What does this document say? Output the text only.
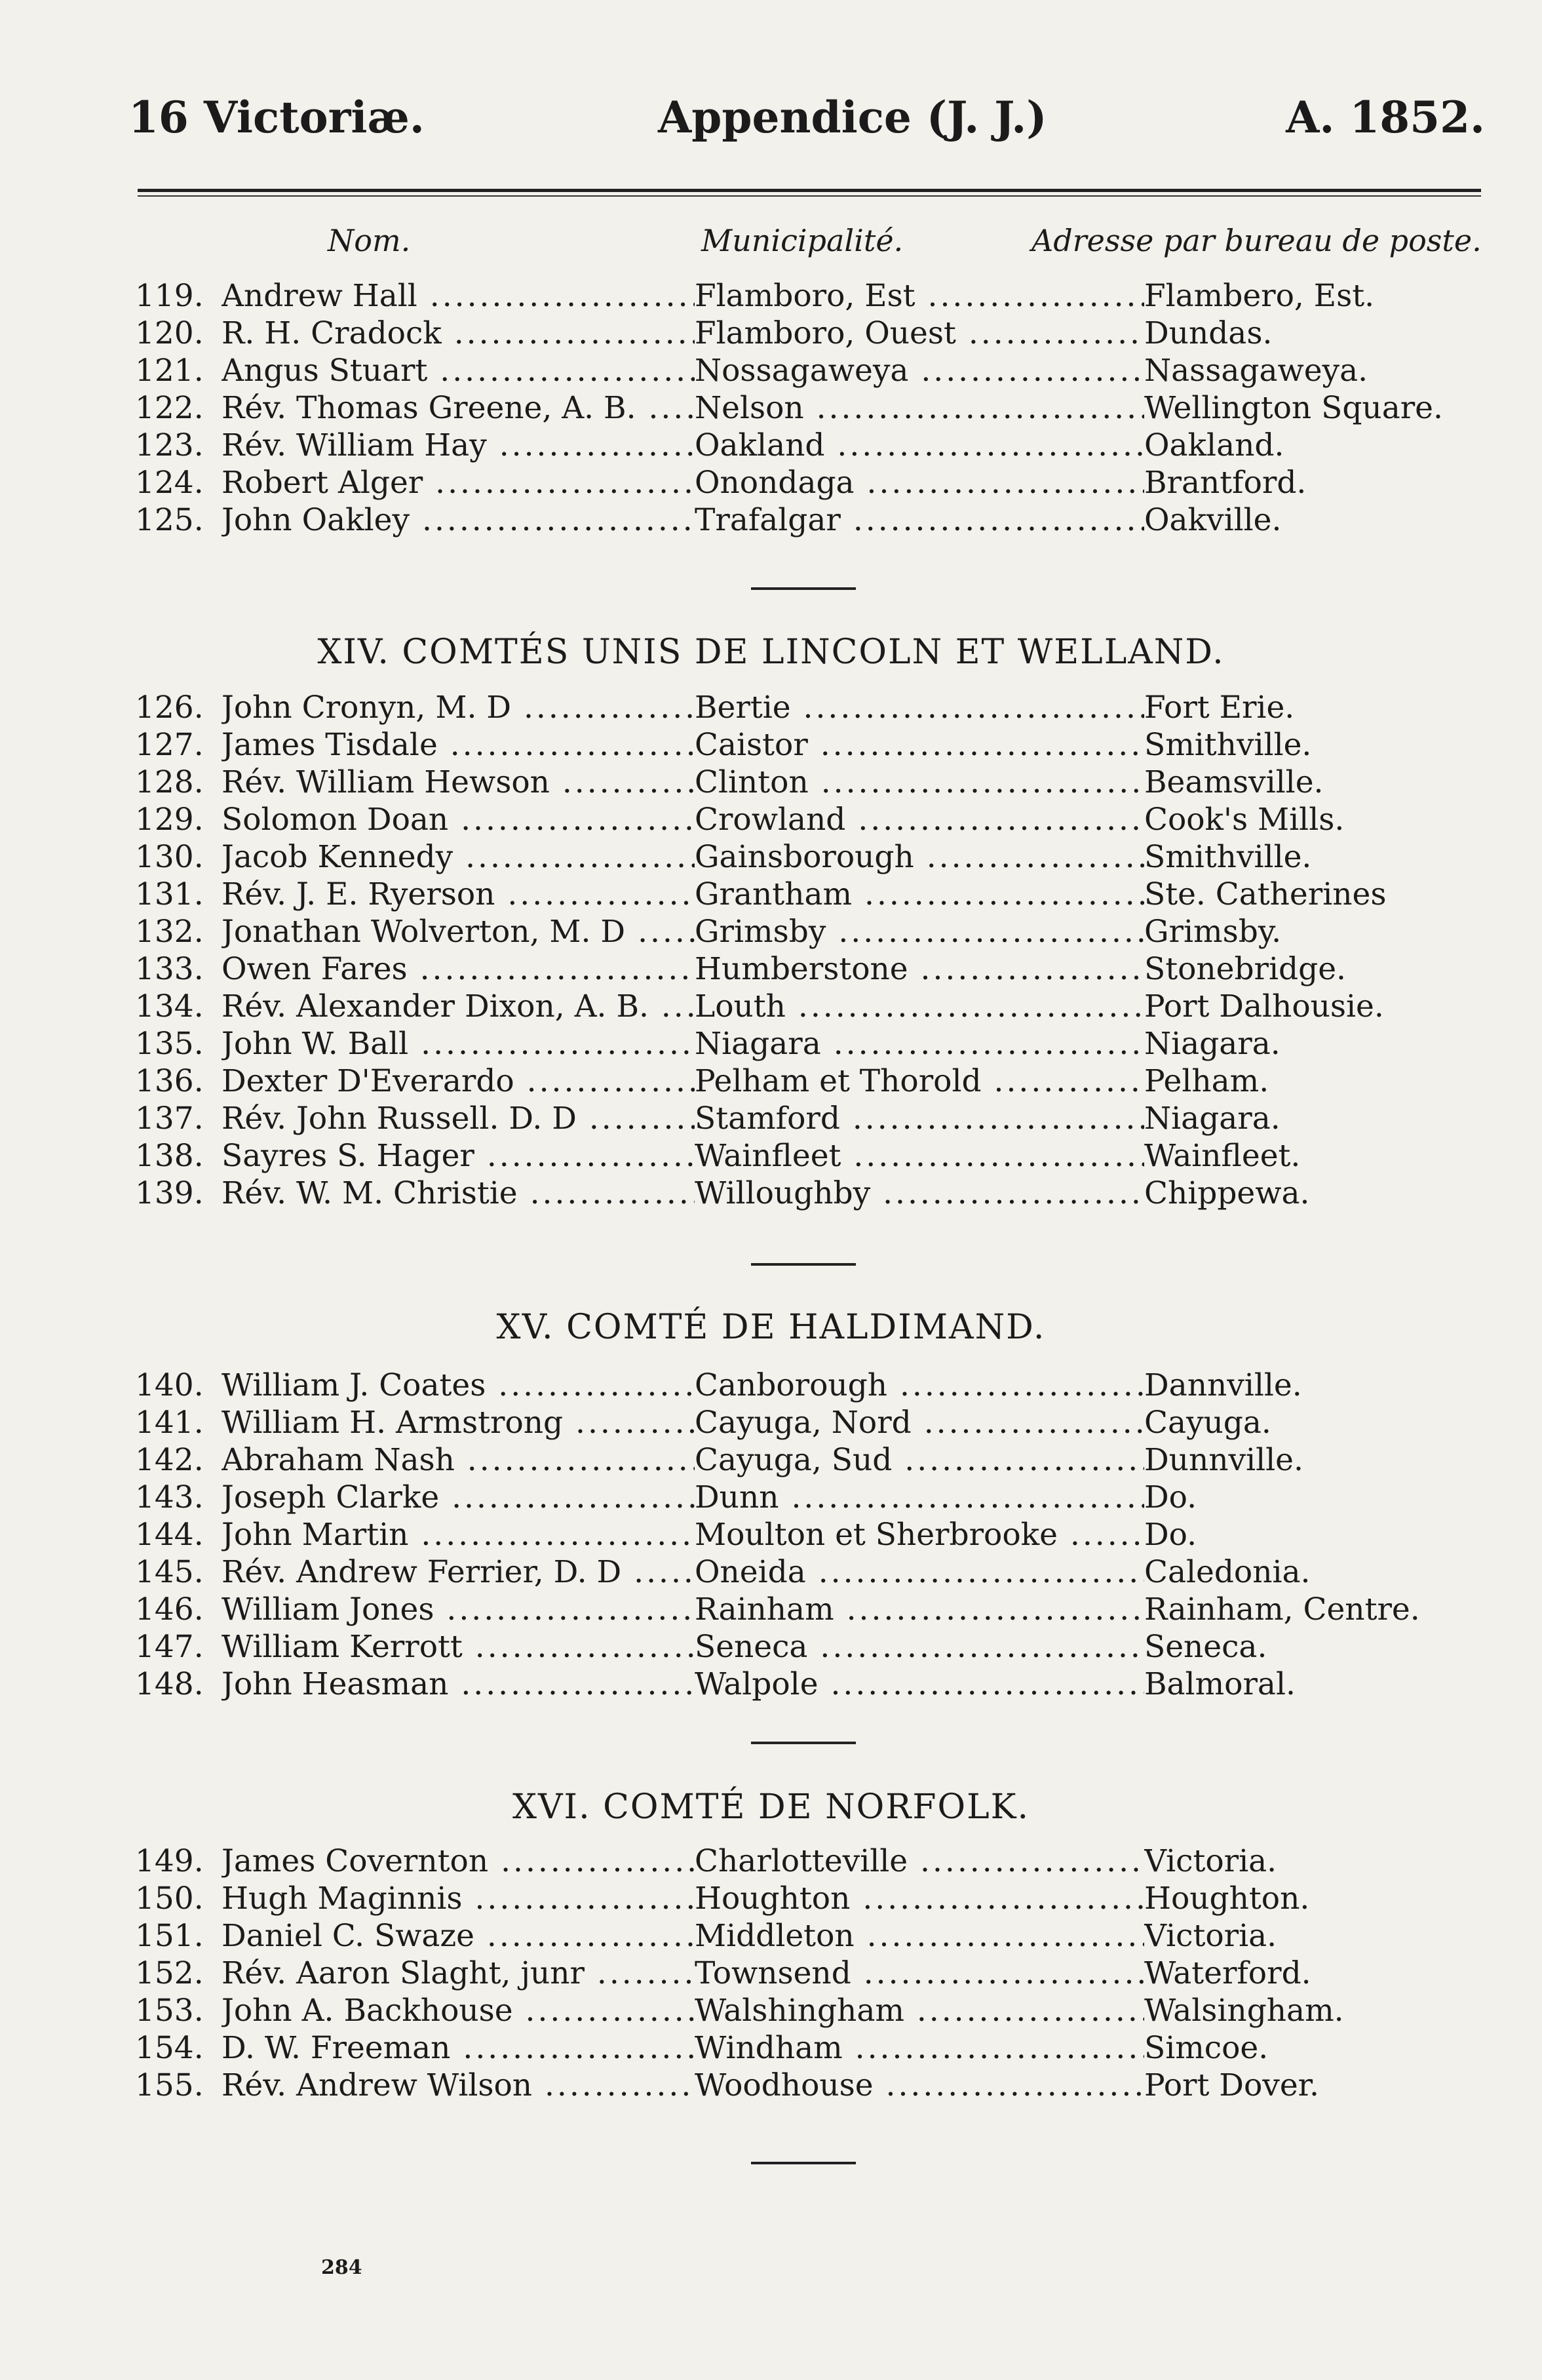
16 Victoriæ.	Appendice (J. J.)	A. 1852.
Nom.	Municipalité.	Adresse par bureau de poste.
119. Andrew Hall .....	Flamboro, Est .....	Flambero, Est.
120. R. H. Cradock .....	Flamboro, Ouest .....	Dundas.
121. Angus Stuart .....	Nossagaweya .....	Nassagaweya.
122. Rév. Thomas Greene, A. B. .....	Nelson .....	Wellington Square.
123. Rév. William Hay .....	Oakland .....	Oakland.
124. Robert Alger .....	Onondaga .....	Brantford.
125. John Oakley .....	Trafalgar .....	Oakville.
XIV. COMTÉS UNIS DE LINCOLN ET WELLAND.
126. John Cronyn, M. D .....	Bertie .....	Fort Erie.
127. James Tisdale .....	Caistor .....	Smithville.
128. Rév. William Hewson .....	Clinton .....	Beamsville.
129. Solomon Doan .....	Crowland .....	Cook's Mills.
130. Jacob Kennedy .....	Gainsborough .....	Smithville.
131. Rév. J. E. Ryerson .....	Grantham .....	Ste. Catherines
132. Jonathan Wolverton, M. D .....	Grimsby .....	Grimsby.
133. Owen Fares .....	Humberstone .....	Stonebridge.
134. Rév. Alexander Dixon, A. B. .....	Louth .....	Port Dalhousie.
135. John W. Ball .....	Niagara .....	Niagara.
136. Dexter D'Everardo .....	Pelham et Thorold .....	Pelham.
137. Rév. John Russell. D. D .....	Stamford .....	Niagara.
138. Sayres S. Hager .....	Wainfleet .....	Wainfleet.
139. Rév. W. M. Christie .....	Willoughby .....	Chippewa.
XV. COMTÉ DE HALDIMAND.
140. William J. Coates .....	Canborough .....	Dannville.
141. William H. Armstrong .....	Cayuga, Nord .....	Cayuga.
142. Abraham Nash .....	Cayuga, Sud .....	Dunnville.
143. Joseph Clarke .....	Dunn .....	Do.
144. John Martin .....	Moulton et Sherbrooke .....	Do.
145. Rév. Andrew Ferrier, D. D .....	Oneida .....	Caledonia.
146. William Jones .....	Rainham .....	Rainham, Centre.
147. William Kerrott .....	Seneca .....	Seneca.
148. John Heasman .....	Walpole .....	Balmoral.
XVI. COMTÉ DE NORFOLK.
149. James Covernton .....	Charlotteville .....	Victoria.
150. Hugh Maginnis .....	Houghton .....	Houghton.
151. Daniel C. Swaze .....	Middleton .....	Victoria.
152. Rév. Aaron Slaght, junr .....	Townsend .....	Waterford.
153. John A. Backhouse .....	Walshingham .....	Walsingham.
154. D. W. Freeman .....	Windham .....	Simcoe.
155. Rév. Andrew Wilson .....	Woodhouse .....	Port Dover.
284
